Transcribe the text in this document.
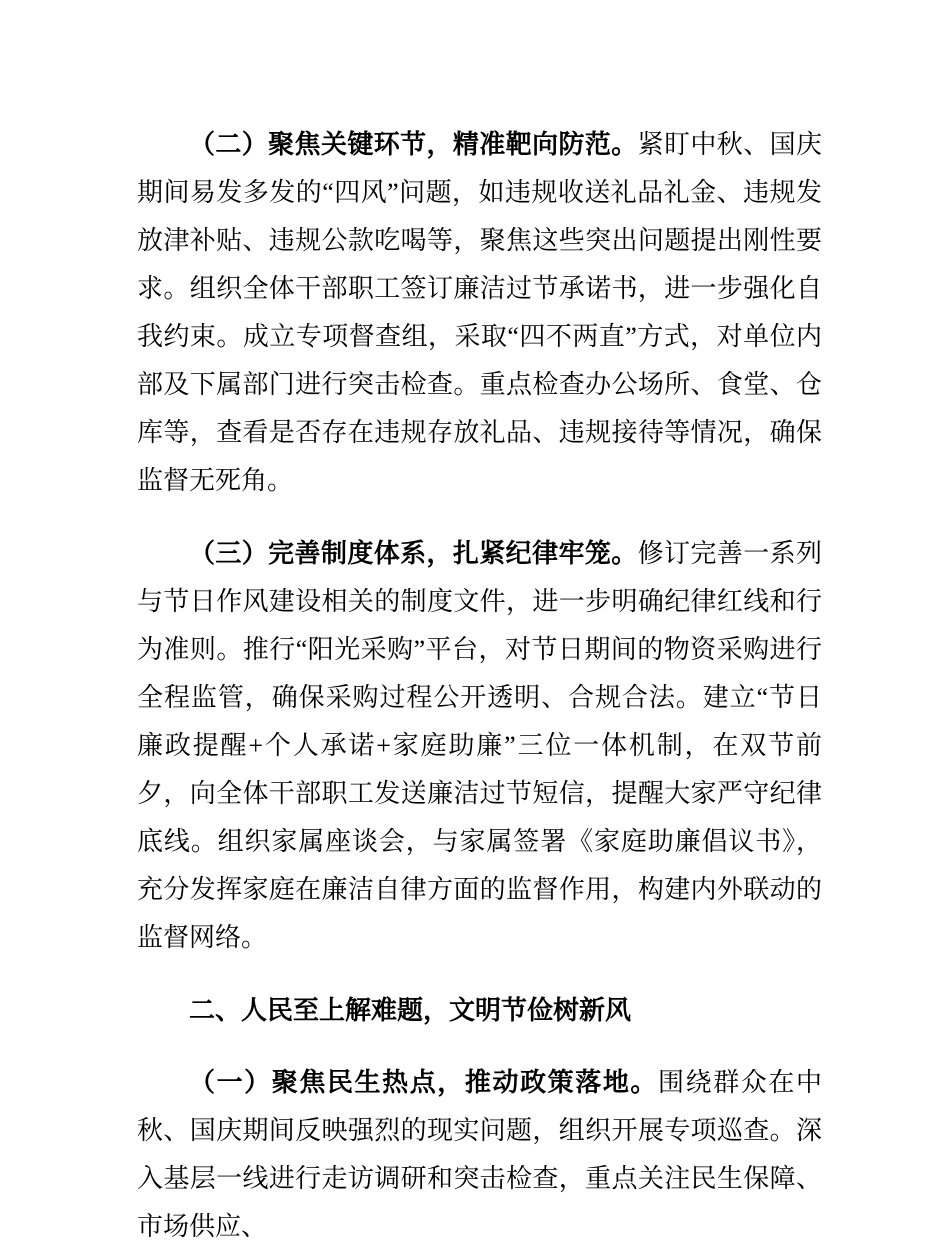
（二）聚焦关键环节，精准靶向防范。紧盯中秋、国庆期间易发多发的“四风”问题，如违规收送礼品礼金、违规发放津补贴、违规公款吃喝等，聚焦这些突出问题提出刚性要求。组织全体干部职工签订廉洁过节承诺书，进一步强化自我约束。成立专项督查组，采取“四不两直”方式，对单位内部及下属部门进行突击检查。重点检查办公场所、食堂、仓库等，查看是否存在违规存放礼品、违规接待等情况，确保监督无死角。

（三）完善制度体系，扎紧纪律牢笼。修订完善一系列与节日作风建设相关的制度文件，进一步明确纪律红线和行为准则。推行“阳光采购”平台，对节日期间的物资采购进行全程监管，确保采购过程公开透明、合规合法。建立“节日廉政提醒+个人承诺+家庭助廉”三位一体机制，在双节前夕，向全体干部职工发送廉洁过节短信，提醒大家严守纪律底线。组织家属座谈会，与家属签署《家庭助廉倡议书》，充分发挥家庭在廉洁自律方面的监督作用，构建内外联动的监督网络。

二、人民至上解难题，文明节俭树新风

（一）聚焦民生热点，推动政策落地。围绕群众在中秋、国庆期间反映强烈的现实问题，组织开展专项巡查。深入基层一线进行走访调研和突击检查，重点关注民生保障、市场供应、
